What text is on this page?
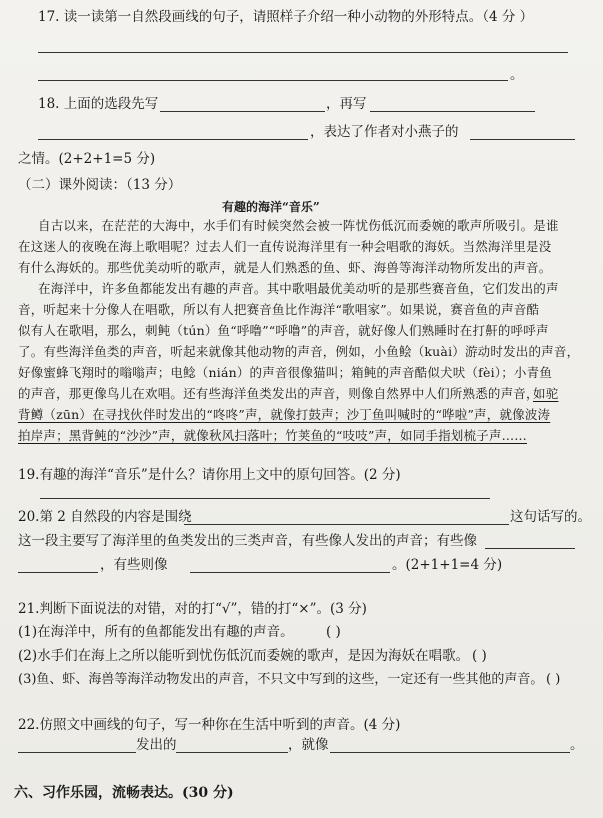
17. 读一读第一自然段画线的句子，请照样子介绍一种小动物的外形特点。（4 分 ）
。
18. 上面的选段先写	，再写
，表达了作者对小燕子的
之情。(2+2+1=5 分)
（二）课外阅读：（13 分）
有趣的海洋“音乐”
自古以来，在茫茫的大海中，水手们有时候突然会被一阵忧伤低沉而委婉的歌声所吸引。是谁
在这迷人的夜晚在海上歌唱呢？过去人们一直传说海洋里有一种会唱歌的海妖。当然海洋里是没
有什么海妖的。那些优美动听的歌声，就是人们熟悉的鱼、虾、海兽等海洋动物所发出的声音。
在海洋中，许多鱼都能发出有趣的声音。其中歌唱最优美动听的是那些赛音鱼，它们发出的声
音，听起来十分像人在唱歌，所以有人把赛音鱼比作海洋“歌唱家”。如果说，赛音鱼的声音酷
似有人在歌唱，那么，刺鲀（tún）鱼“呼噜”“呼噜”的声音，就好像人们熟睡时在打鼾的呼呼声
了。有些海洋鱼类的声音，听起来就像其他动物的声音，例如，小鱼鲙（kuài）游动时发出的声音，
好像蜜蜂飞翔时的嗡嗡声；电鲶（nián）的声音很像猫叫；箱鲀的声音酷似犬吠（fèi）；小青鱼
的声音，那更像鸟儿在欢唱。还有些海洋鱼类发出的声音，则像自然界中人们所熟悉的声音，
如驼
背鳟（zūn）在寻找伙伴时发出的“咚咚”声，就像打鼓声；沙丁鱼叫喊时的“哗啦”声，就像波涛
拍岸声；黑背鲀的“沙沙”声，就像秋风扫落叶；竹荚鱼的“吱吱”声，如同手指划梳子声……
19.有趣的海洋“音乐”是什么？请你用上文中的原句回答。(2 分)
20.第 2 自然段的内容是围绕	这句话写的。
这一段主要写了海洋里的鱼类发出的三类声音，有些像人发出的声音；有些像
，有些则像	。(2+1+1=4 分)
21.判断下面说法的对错，对的打“√”，错的打“×”。(3 分)
(1)在海洋中，所有的鱼都能发出有趣的声音。 ( )
(2)水手们在海上之所以能听到忧伤低沉而委婉的歌声，是因为海妖在唱歌。 ( )
(3)鱼、虾、海兽等海洋动物发出的声音，不只文中写到的这些，一定还有一些其他的声音。 ( )
22.仿照文中画线的句子，写一种你在生活中听到的声音。(4 分)
发出的	，就像	。
六、习作乐园，流畅表达。(30 分)
